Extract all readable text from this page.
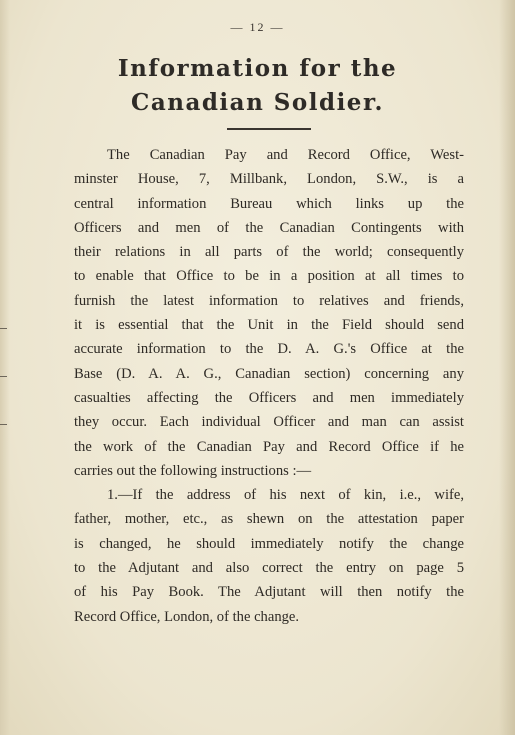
— 12 —
Information for the
Canadian Soldier.
The Canadian Pay and Record Office, West-
minster House, 7, Millbank, London, S.W., is a
central information Bureau which links up the
Officers and men of the Canadian Contingents with
their relations in all parts of the world; consequently
to enable that Office to be in a position at all times to
furnish the latest information to relatives and friends,
it is essential that the Unit in the Field should send
accurate information to the D. A. G.'s Office at the
Base (D. A. A. G., Canadian section) concerning any
casualties affecting the Officers and men immediately
they occur. Each individual Officer and man can assist
the work of the Canadian Pay and Record Office if he
carries out the following instructions :—
1.—If the address of his next of kin, i.e., wife,
father, mother, etc., as shewn on the attestation paper
is changed, he should immediately notify the change
to the Adjutant and also correct the entry on page 5
of his Pay Book. The Adjutant will then notify the
Record Office, London, of the change.
